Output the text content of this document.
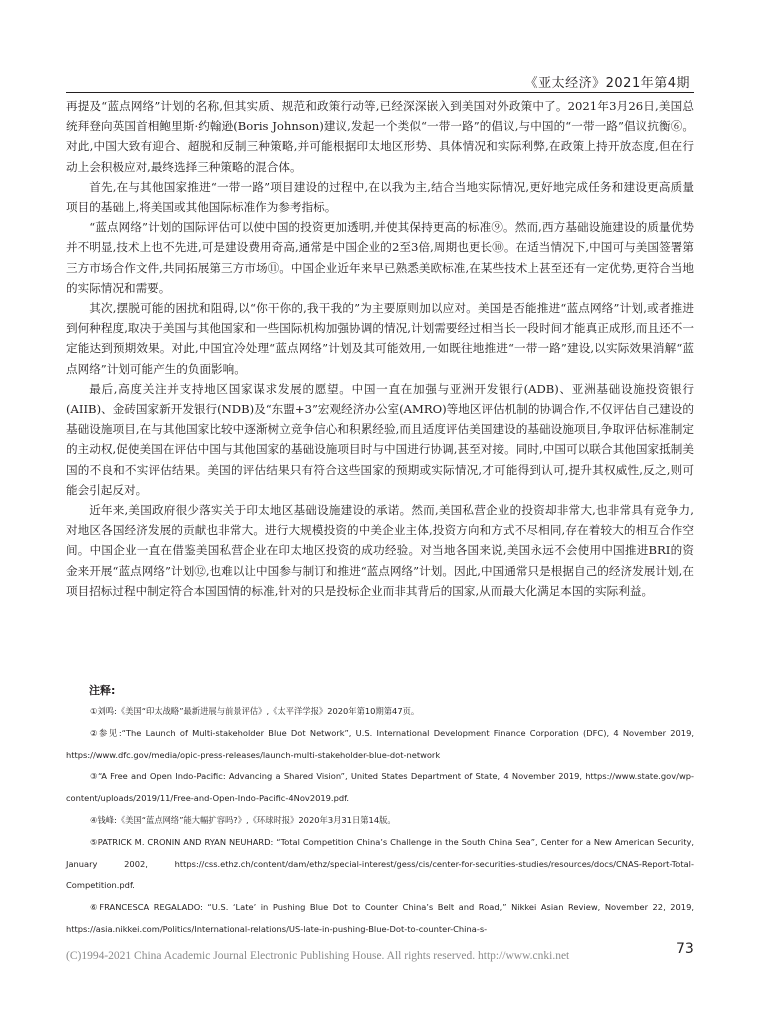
《亚太经济》2021年第4期

再提及“蓝点网络”计划的名称,但其实质、规范和政策行动等,已经深深嵌入到美国对外政策中了。2021年3月26日,美国总统拜登向英国首相鲍里斯·约翰逊(Boris Johnson)建议,发起一个类似“一带一路”的倡议,与中国的“一带一路”倡议抗衡⑥。对此,中国大致有迎合、超脱和反制三种策略,并可能根据印太地区形势、具体情况和实际利弊,在政策上持开放态度,但在行动上会积极应对,最终选择三种策略的混合体。

首先,在与其他国家推进“一带一路”项目建设的过程中,在以我为主,结合当地实际情况,更好地完成任务和建设更高质量项目的基础上,将美国或其他国际标准作为参考指标。

“蓝点网络”计划的国际评估可以使中国的投资更加透明,并使其保持更高的标准⑨。然而,西方基础设施建设的质量优势并不明显,技术上也不先进,可是建设费用奇高,通常是中国企业的2至3倍,周期也更长⑩。在适当情况下,中国可与美国签署第三方市场合作文件,共同拓展第三方市场⑪。中国企业近年来早已熟悉美欧标准,在某些技术上甚至还有一定优势,更符合当地的实际情况和需要。

其次,摆脱可能的困扰和阻碍,以“你干你的,我干我的”为主要原则加以应对。美国是否能推进“蓝点网络”计划,或者推进到何种程度,取决于美国与其他国家和一些国际机构加强协调的情况,计划需要经过相当长一段时间才能真正成形,而且还不一定能达到预期效果。对此,中国宜冷处理“蓝点网络”计划及其可能效用,一如既往地推进“一带一路”建设,以实际效果消解“蓝点网络”计划可能产生的负面影响。

最后,高度关注并支持地区国家谋求发展的愿望。中国一直在加强与亚洲开发银行(ADB)、亚洲基础设施投资银行(AIIB)、金砖国家新开发银行(NDB)及“东盟+3”宏观经济办公室(AMRO)等地区评估机制的协调合作,不仅评估自己建设的基础设施项目,在与其他国家比较中逐渐树立竞争信心和积累经验,而且适度评估美国建设的基础设施项目,争取评估标准制定的主动权,促使美国在评估中国与其他国家的基础设施项目时与中国进行协调,甚至对接。同时,中国可以联合其他国家抵制美国的不良和不实评估结果。美国的评估结果只有符合这些国家的预期或实际情况,才可能得到认可,提升其权威性,反之,则可能会引起反对。

近年来,美国政府很少落实关于印太地区基础设施建设的承诺。然而,美国私营企业的投资却非常大,也非常具有竞争力,对地区各国经济发展的贡献也非常大。进行大规模投资的中美企业主体,投资方向和方式不尽相同,存在着较大的相互合作空间。中国企业一直在借鉴美国私营企业在印太地区投资的成功经验。对当地各国来说,美国永远不会使用中国推进BRI的资金来开展“蓝点网络”计划⑫,也难以让中国参与制订和推进“蓝点网络”计划。因此,中国通常只是根据自己的经济发展计划,在项目招标过程中制定符合本国国情的标准,针对的只是投标企业而非其背后的国家,从而最大化满足本国的实际利益。

注释:

①刘鸣:《美国“印太战略”最新进展与前景评估》,《太平洋学报》2020年第10期第47页。

②参见:“The Launch of Multi-stakeholder Blue Dot Network”, U.S. International Development Finance Corporation (DFC), 4 November 2019, https://www.dfc.gov/media/opic-press-releases/launch-multi-stakeholder-blue-dot-network

③“A Free and Open Indo-Pacific: Advancing a Shared Vision”, United States Department of State, 4 November 2019, https://www.state.gov/wp-content/uploads/2019/11/Free-and-Open-Indo-Pacific-4Nov2019.pdf.

④钱峰:《美国“蓝点网络”能大幅扩容吗?》,《环球时报》2020年3月31日第14版。

⑤PATRICK M. CRONIN AND RYAN NEUHARD: “Total Competition China’s Challenge in the South China Sea”, Center for a New American Security, January 2002, https://css.ethz.ch/content/dam/ethz/special-interest/gess/cis/center-for-securities-studies/resources/docs/CNAS-Report-Total-Competition.pdf.

⑥FRANCESCA REGALADO: “U.S. ‘Late’ in Pushing Blue Dot to Counter China’s Belt and Road,” Nikkei Asian Review, November 22, 2019, https://asia.nikkei.com/Politics/International-relations/US-late-in-pushing-Blue-Dot-to-counter-China-s-

(C)1994-2021 China Academic Journal Electronic Publishing House. All rights reserved. http://www.cnki.net	73
